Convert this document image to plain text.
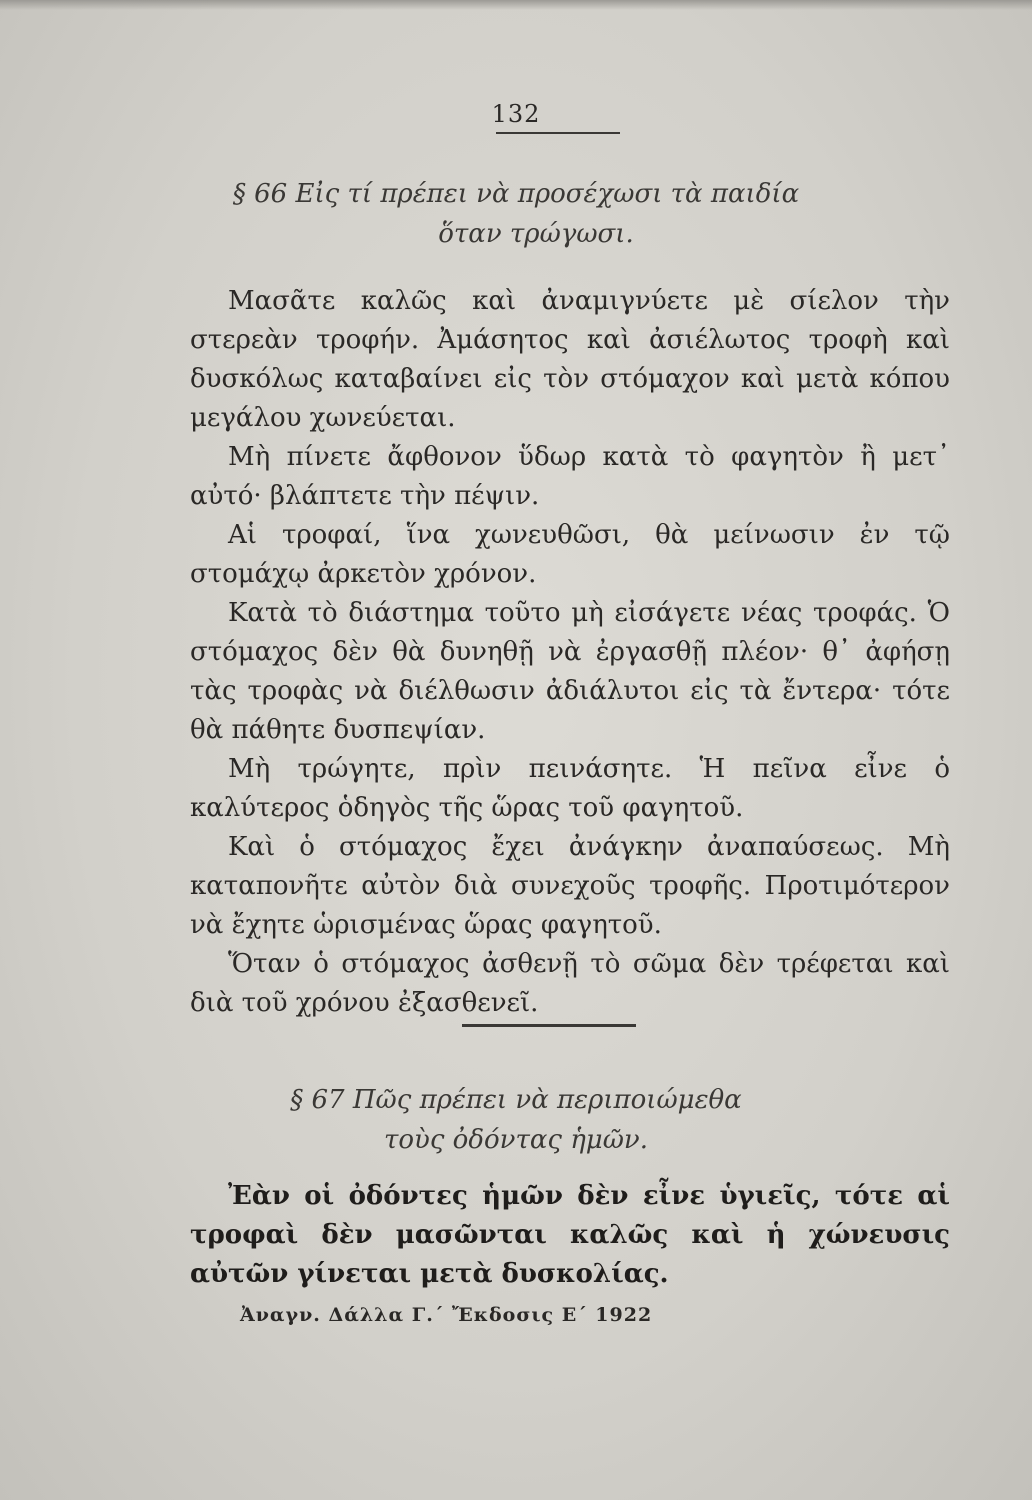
132
§ 66 Εἰς τί πρέπει νὰ προσέχωσι τὰ παιδία
ὅταν τρώγωσι.

Μασᾶτε καλῶς καὶ ἀναμιγνύετε μὲ σίελον τὴν στερεὰν τροφήν. Ἀμάσητος καὶ ἀσιέλωτος τροφὴ καὶ δυσκόλως καταβαίνει εἰς τὸν στόμαχον καὶ μετὰ κόπου μεγάλου χωνεύεται.

Μὴ πίνετε ἄφθονον ὕδωρ κατὰ τὸ φαγητὸν ἢ μετ᾽ αὐτό· βλάπτετε τὴν πέψιν.

Αἱ τροφαί, ἵνα χωνευθῶσι, θὰ μείνωσιν ἐν τῷ στομάχῳ ἀρκετὸν χρόνον.

Κατὰ τὸ διάστημα τοῦτο μὴ εἰσάγετε νέας τροφάς. Ὁ στόμαχος δὲν θὰ δυνηθῇ νὰ ἐργασθῇ πλέον· θ᾽ ἀφήσῃ τὰς τροφὰς νὰ διέλθωσιν ἀδιάλυτοι εἰς τὰ ἔντερα· τότε θὰ πάθητε δυσπεψίαν.

Μὴ τρώγητε, πρὶν πεινάσητε. Ἡ πεῖνα εἶνε ὁ καλύτερος ὁδηγὸς τῆς ὥρας τοῦ φαγητοῦ.

Καὶ ὁ στόμαχος ἔχει ἀνάγκην ἀναπαύσεως. Μὴ καταπονῆτε αὐτὸν διὰ συνεχοῦς τροφῆς. Προτιμότερον νὰ ἔχητε ὡρισμένας ὥρας φαγητοῦ.

Ὅταν ὁ στόμαχος ἀσθενῇ τὸ σῶμα δὲν τρέφεται καὶ διὰ τοῦ χρόνου ἐξασθενεῖ.

§ 67 Πῶς πρέπει νὰ περιποιώμεθα
τοὺς ὀδόντας ἡμῶν.

Ἐὰν οἱ ὀδόντες ἡμῶν δὲν εἶνε ὑγιεῖς, τότε αἱ τροφαὶ δὲν μασῶνται καλῶς καὶ ἡ χώνευσις αὐτῶν γίνεται μετὰ δυσκολίας.

Ἀναγν. Δάλλα Γ.΄ Ἔκδοσις Ε΄ 1922
